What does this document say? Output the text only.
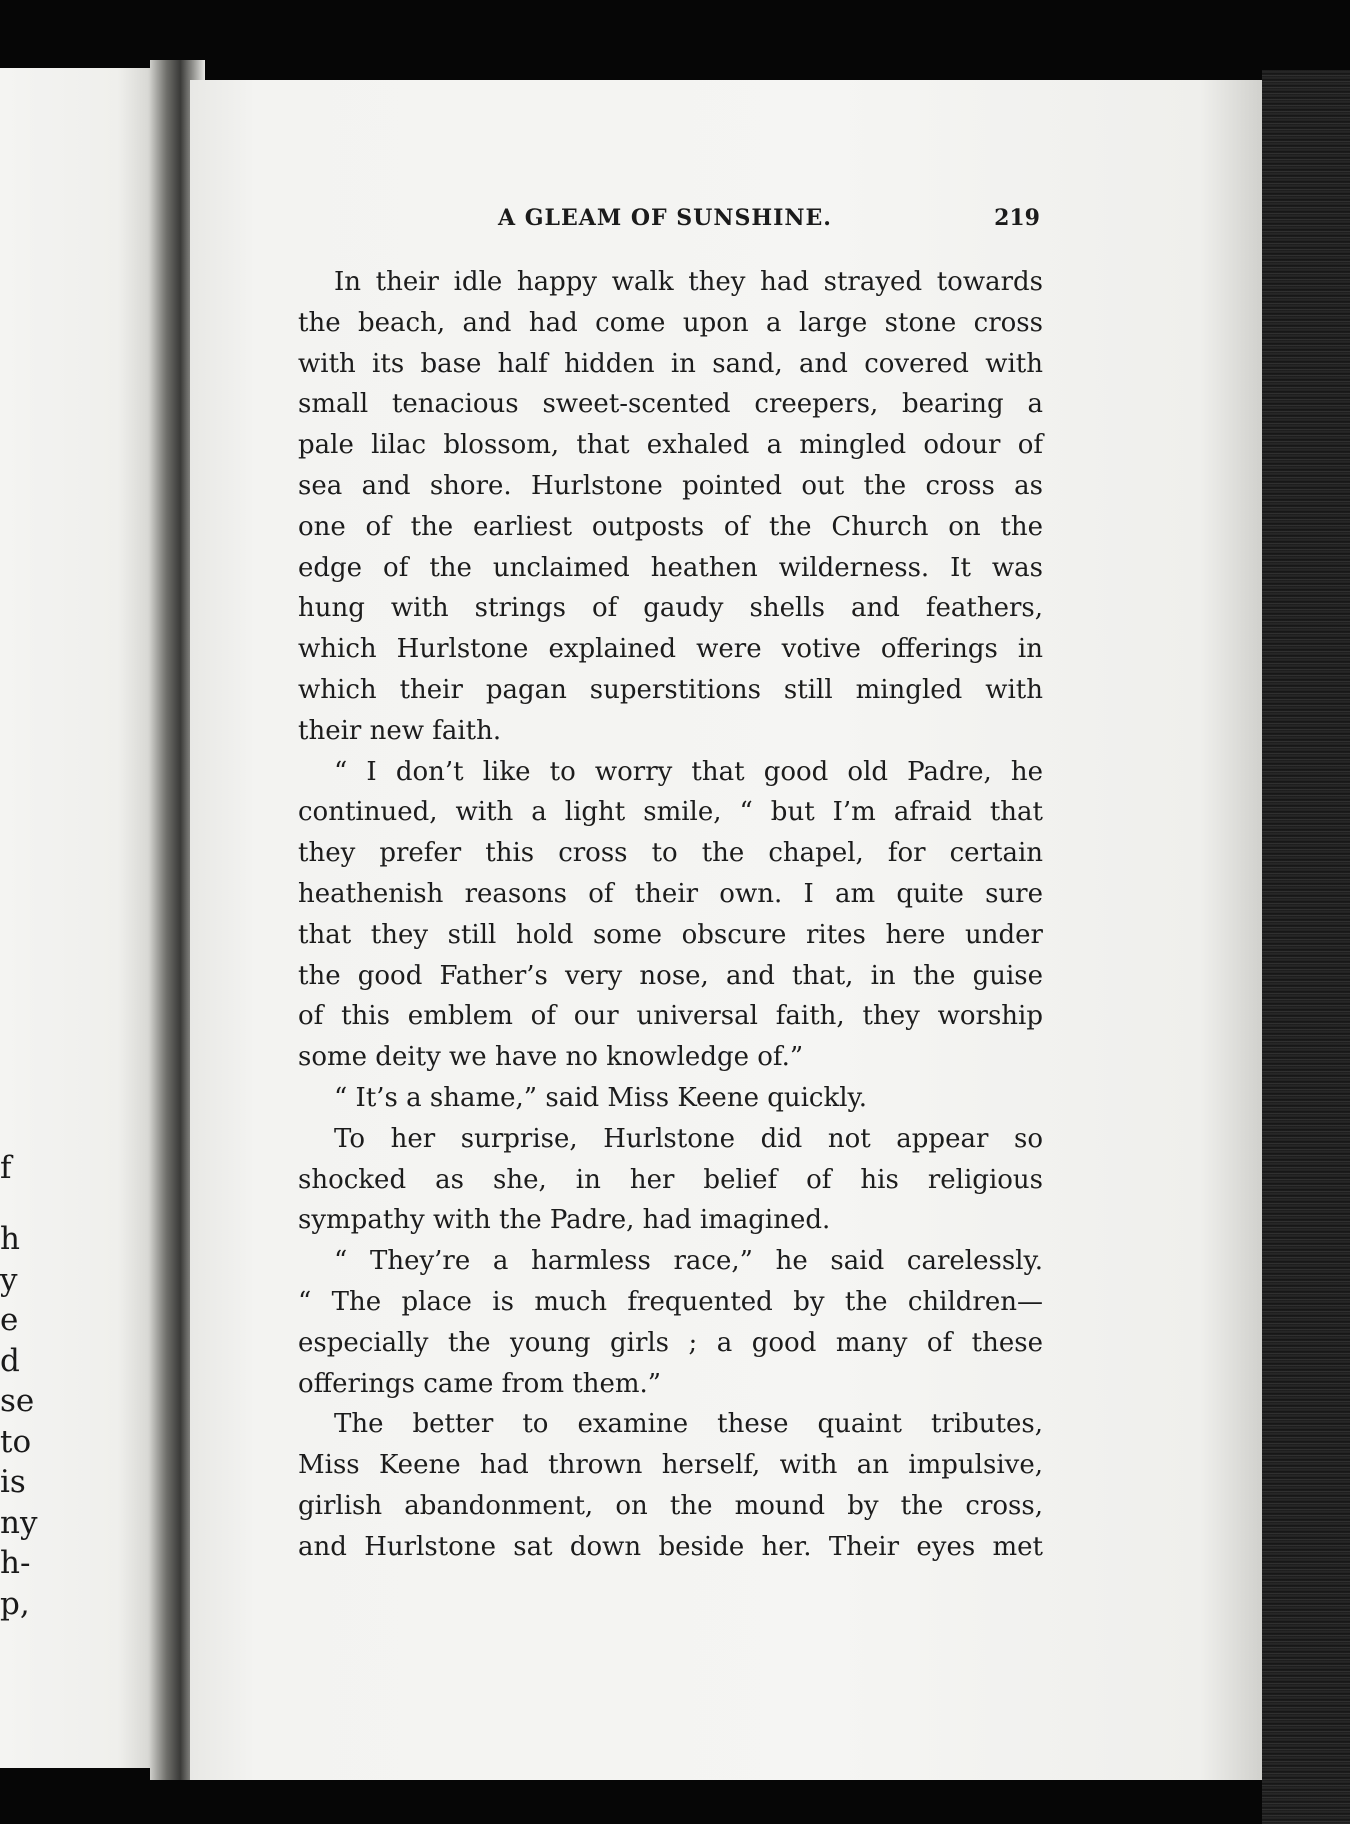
f
h
y
e
d
se
to
is
ny
h-
p,
A GLEAM OF SUNSHINE.	219
In their idle happy walk they had strayed towards
the beach, and had come upon a large stone cross
with its base half hidden in sand, and covered with
small tenacious sweet-scented creepers, bearing a
pale lilac blossom, that exhaled a mingled odour of
sea and shore. Hurlstone pointed out the cross as
one of the earliest outposts of the Church on the
edge of the unclaimed heathen wilderness. It was
hung with strings of gaudy shells and feathers,
which Hurlstone explained were votive offerings in
which their pagan superstitions still mingled with
their new faith.
“ I don’t like to worry that good old Padre, he
continued, with a light smile, “ but I’m afraid that
they prefer this cross to the chapel, for certain
heathenish reasons of their own. I am quite sure
that they still hold some obscure rites here under
the good Father’s very nose, and that, in the guise
of this emblem of our universal faith, they worship
some deity we have no knowledge of.”
“ It’s a shame,” said Miss Keene quickly.
To her surprise, Hurlstone did not appear so
shocked as she, in her belief of his religious
sympathy with the Padre, had imagined.
“ They’re a harmless race,” he said carelessly.
“ The place is much frequented by the children—
especially the young girls ; a good many of these
offerings came from them.”
The better to examine these quaint tributes,
Miss Keene had thrown herself, with an impulsive,
girlish abandonment, on the mound by the cross,
and Hurlstone sat down beside her. Their eyes met
